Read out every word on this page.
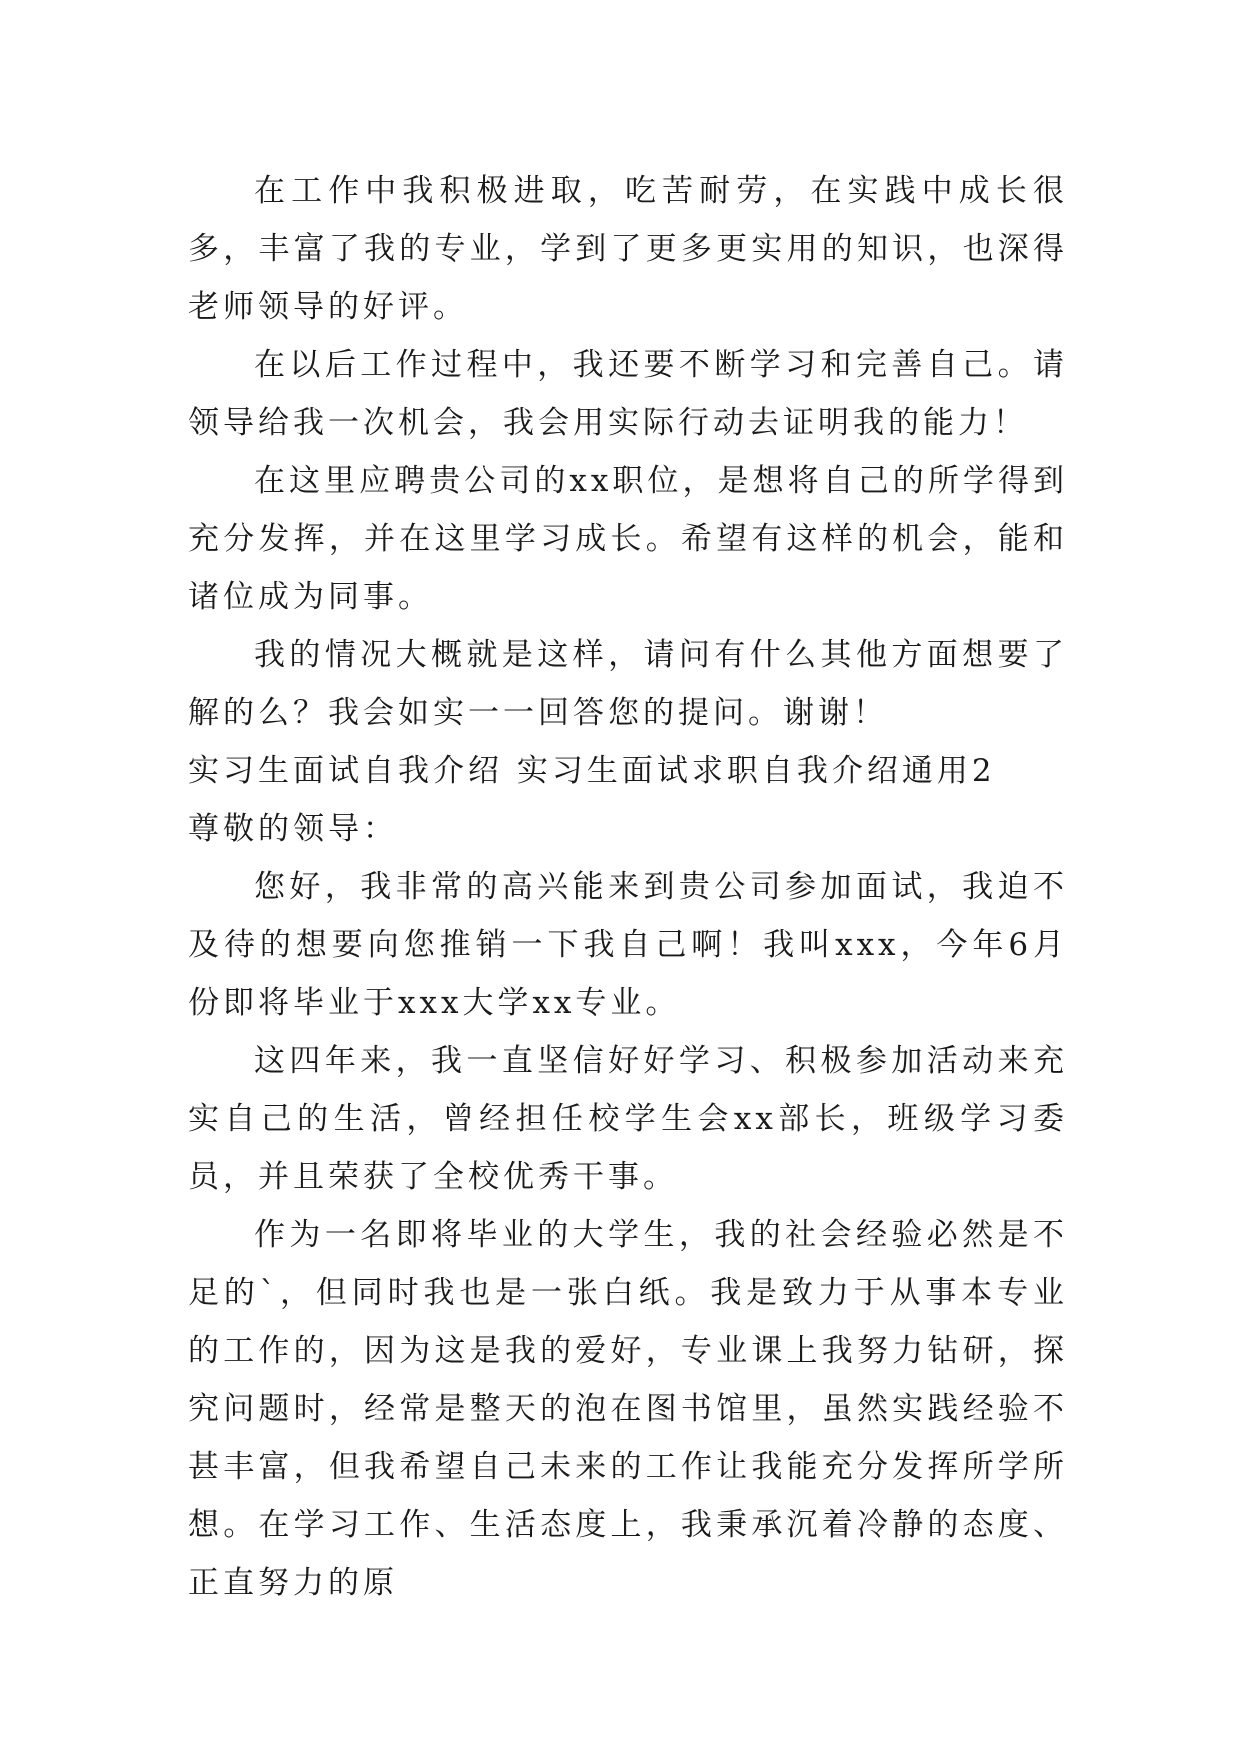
在工作中我积极进取，吃苦耐劳，在实践中成长很多，丰富了我的专业，学到了更多更实用的知识，也深得老师领导的好评。

在以后工作过程中，我还要不断学习和完善自己。请领导给我一次机会，我会用实际行动去证明我的能力！

在这里应聘贵公司的xx职位，是想将自己的所学得到充分发挥，并在这里学习成长。希望有这样的机会，能和诸位成为同事。

我的情况大概就是这样，请问有什么其他方面想要了解的么？我会如实一一回答您的提问。谢谢！

实习生面试自我介绍 实习生面试求职自我介绍通用2

尊敬的领导：

您好，我非常的高兴能来到贵公司参加面试，我迫不及待的想要向您推销一下我自己啊！我叫xxx，今年6月份即将毕业于xxx大学xx专业。

这四年来，我一直坚信好好学习、积极参加活动来充实自己的生活，曾经担任校学生会xx部长，班级学习委员，并且荣获了全校优秀干事。

作为一名即将毕业的大学生，我的社会经验必然是不足的`，但同时我也是一张白纸。我是致力于从事本专业的工作的，因为这是我的爱好，专业课上我努力钻研，探究问题时，经常是整天的泡在图书馆里，虽然实践经验不甚丰富，但我希望自己未来的工作让我能充分发挥所学所想。在学习工作、生活态度上，我秉承沉着冷静的态度、正直努力的原
